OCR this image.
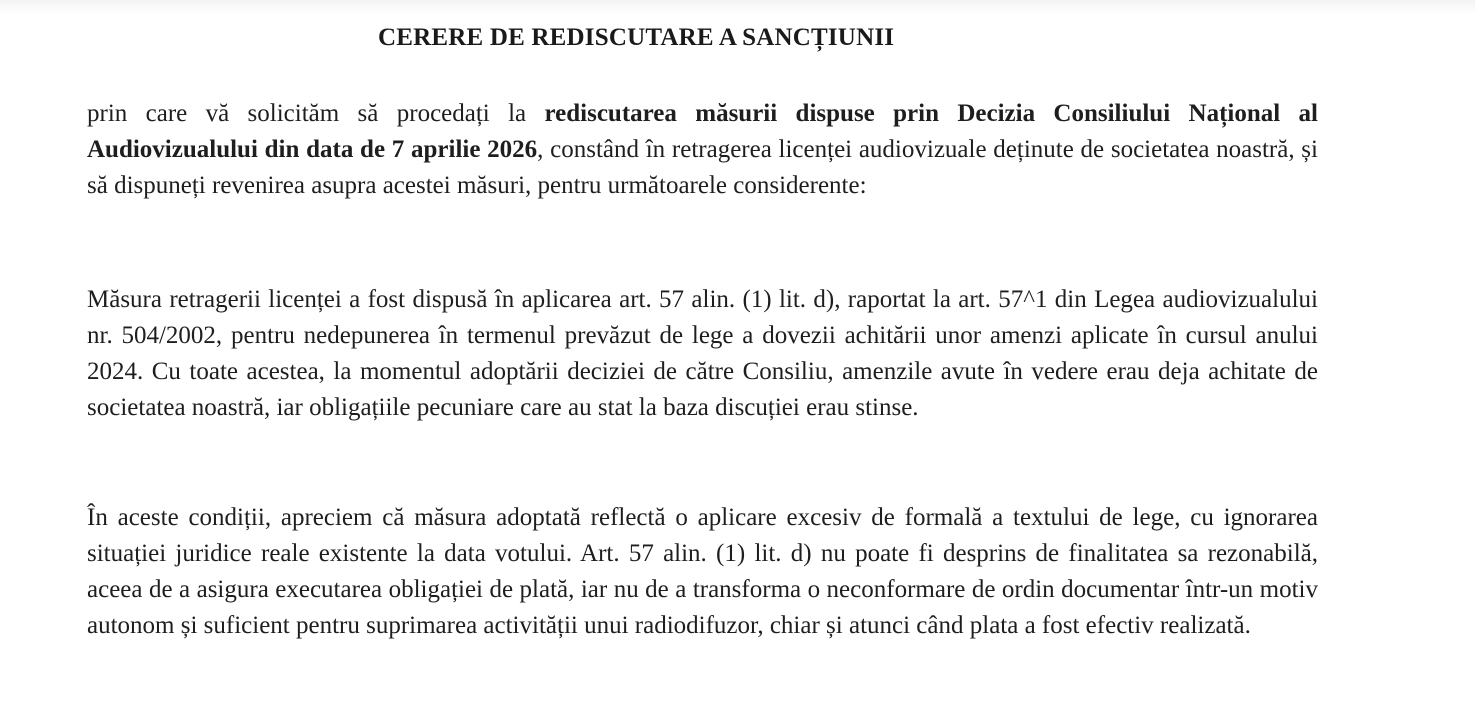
CERERE DE REDISCUTARE A SANCȚIUNII

prin care vă solicităm să procedați la rediscutarea măsurii dispuse prin Decizia Consiliului Național al Audiovizualului din data de 7 aprilie 2026, constând în retragerea licenței audiovizuale deținute de societatea noastră, și să dispuneți revenirea asupra acestei măsuri, pentru următoarele considerente:

Măsura retragerii licenței a fost dispusă în aplicarea art. 57 alin. (1) lit. d), raportat la art. 57^1 din Legea audiovizualului nr. 504/2002, pentru nedepunerea în termenul prevăzut de lege a dovezii achitării unor amenzi aplicate în cursul anului 2024. Cu toate acestea, la momentul adoptării deciziei de către Consiliu, amenzile avute în vedere erau deja achitate de societatea noastră, iar obligațiile pecuniare care au stat la baza discuției erau stinse.

În aceste condiții, apreciem că măsura adoptată reflectă o aplicare excesiv de formală a textului de lege, cu ignorarea situației juridice reale existente la data votului. Art. 57 alin. (1) lit. d) nu poate fi desprins de finalitatea sa rezonabilă, aceea de a asigura executarea obligației de plată, iar nu de a transforma o neconformare de ordin documentar într-un motiv autonom și suficient pentru suprimarea activității unui radiodifuzor, chiar și atunci când plata a fost efectiv realizată.
